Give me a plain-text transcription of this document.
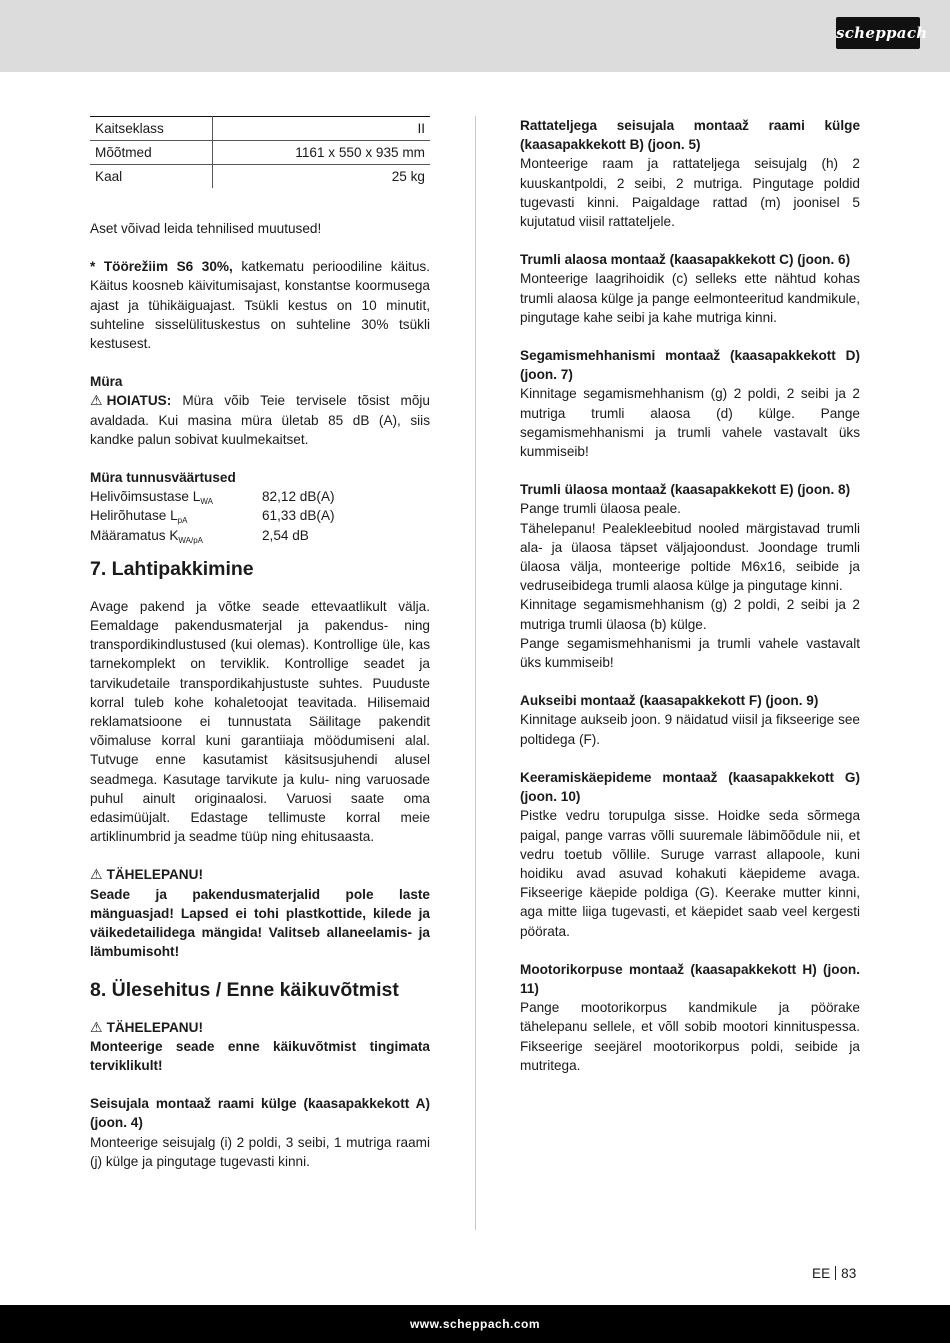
scheppach
Kaitseklass	II
Mõõtmed	1161 x 550 x 935 mm
Kaal	25 kg

Aset võivad leida tehnilised muutused!

* Töörežiim S6 30%, katkematu perioodiline käitus. Käitus koosneb käivitumisajast, konstantse koormusega ajast ja tühikäiguajast. Tsükli kestus on 10 minutit, suhteline sisselülituskestus on suhteline 30% tsükli kestusest.

Müra

⚠ HOIATUS: Müra võib Teie tervisele tõsist mõju avaldada. Kui masina müra ületab 85 dB (A), siis kandke palun sobivat kuulmekaitset.

Müra tunnusväärtused

Helivõimsustase $L_{WA}$	82,12 dB(A)
Helirõhutase $L_{pA}$	61,33 dB(A)
Määramatus $K_{WA/pA}$	2,54 dB

7. Lahtipakkimine

Avage pakend ja võtke seade ettevaatlikult välja. Eemaldage pakendusmaterjal ja pakendus- ning transpordikindlustused (kui olemas). Kontrollige üle, kas tarnekomplekt on terviklik. Kontrollige seadet ja tarvikudetaile transpordikahjustuste suhtes. Puuduste korral tuleb kohe kohaletoojat teavitada. Hilisemaid reklamatsioone ei tunnustata Säilitage pakendit võimaluse korral kuni garantiiaja möödumiseni alal. Tutvuge enne kasutamist käsitsusjuhendi alusel seadmega. Kasutage tarvikute ja kulu- ning varuosade puhul ainult originaalosi. Varuosi saate oma edasimüüjalt. Edastage tellimuste korral meie artiklinumbrid ja seadme tüüp ning ehitusaasta.

⚠ TÄHELEPANU!

Seade ja pakendusmaterjalid pole laste mänguasjad! Lapsed ei tohi plastkottide, kilede ja väikedetailidega mängida! Valitseb allaneelamis- ja lämbumisoht!

8. Ülesehitus / Enne käikuvõtmist

⚠ TÄHELEPANU!

Monteerige seade enne käikuvõtmist tingimata terviklikult!

Seisujala montaaž raami külge (kaasapakkekott A) (joon. 4)

Monteerige seisujalg (i) 2 poldi, 3 seibi, 1 mutriga raami (j) külge ja pingutage tugevasti kinni.

Rattateljega seisujala montaaž raami külge (kaasapakkekott B) (joon. 5)

Monteerige raam ja rattateljega seisujalg (h) 2 kuuskantpoldi, 2 seibi, 2 mutriga. Pingutage poldid tugevasti kinni. Paigaldage rattad (m) joonisel 5 kujutatud viisil rattateljele.

Trumli alaosa montaaž (kaasapakkekott C) (joon. 6)

Monteerige laagrihoidik (c) selleks ette nähtud kohas trumli alaosa külge ja pange eelmonteeritud kandmikule, pingutage kahe seibi ja kahe mutriga kinni.

Segamismehhanismi montaaž (kaasapakkekott D) (joon. 7)

Kinnitage segamismehhanism (g) 2 poldi, 2 seibi ja 2 mutriga trumli alaosa (d) külge. Pange segamismehhanismi ja trumli vahele vastavalt üks kummiseib!

Trumli ülaosa montaaž (kaasapakkekott E) (joon. 8)

Pange trumli ülaosa peale.

Tähelepanu! Pealekleebitud nooled märgistavad trumli ala- ja ülaosa täpset väljajoondust. Joondage trumli ülaosa välja, monteerige poltide M6x16, seibide ja vedruseibidega trumli alaosa külge ja pingutage kinni.

Kinnitage segamismehhanism (g) 2 poldi, 2 seibi ja 2 mutriga trumli ülaosa (b) külge.

Pange segamismehhanismi ja trumli vahele vastavalt üks kummiseib!

Aukseibi montaaž (kaasapakkekott F) (joon. 9)

Kinnitage aukseib joon. 9 näidatud viisil ja fikseerige see poltidega (F).

Keeramiskäepideme montaaž (kaasapakkekott G) (joon. 10)

Pistke vedru torupulga sisse. Hoidke seda sõrmega paigal, pange varras võlli suuremale läbimõõdule nii, et vedru toetub võllile. Suruge varrast allapoole, kuni hoidiku avad asuvad kohakuti käepideme avaga. Fikseerige käepide poldiga (G). Keerake mutter kinni, aga mitte liiga tugevasti, et käepidet saab veel kergesti pöörata.

Mootorikorpuse montaaž (kaasapakkekott H) (joon. 11)

Pange mootorikorpus kandmikule ja pöörake tähelepanu sellele, et võll sobib mootori kinnituspessa. Fikseerige seejärel mootorikorpus poldi, seibide ja mutritega.

EE 83
www.scheppach.com
